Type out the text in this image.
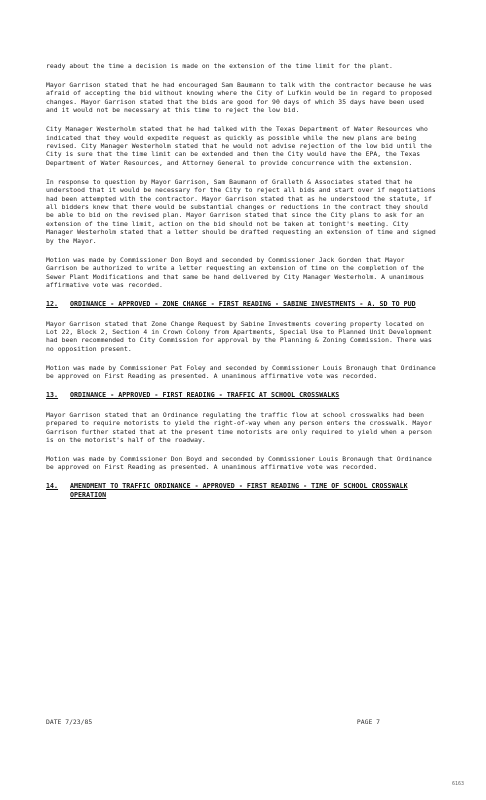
ready about the time a decision is made on the extension of the time limit for the plant.

Mayor Garrison stated that he had encouraged Sam Baumann to talk with the contractor because he was afraid of accepting the bid without knowing where the City of Lufkin would be in regard to proposed changes. Mayor Garrison stated that the bids are good for 90 days of which 35 days have been used and it would not be necessary at this time to reject the low bid.

City Manager Westerholm stated that he had talked with the Texas Department of Water Resources who indicated that they would expedite request as quickly as possible while the new plans are being revised. City Manager Westerholm stated that he would not advise rejection of the low bid until the City is sure that the time limit can be extended and then the City would have the EPA, the Texas Department of Water Resources, and Attorney General to provide concurrence with the extension.

In response to question by Mayor Garrison, Sam Baumann of Gralleth & Associates stated that he understood that it would be necessary for the City to reject all bids and start over if negotiations had been attempted with the contractor. Mayor Garrison stated that as he understood the statute, if all bidders knew that there would be substantial changes or reductions in the contract they should be able to bid on the revised plan. Mayor Garrison stated that since the City plans to ask for an extension of the time limit, action on the bid should not be taken at tonight's meeting. City Manager Westerholm stated that a letter should be drafted requesting an extension of time and signed by the Mayor.

Motion was made by Commissioner Don Boyd and seconded by Commissioner Jack Gorden that Mayor Garrison be authorized to write a letter requesting an extension of time on the completion of the Sewer Plant Modifications and that same be hand delivered by City Manager Westerholm. A unanimous affirmative vote was recorded.

12.	ORDINANCE - APPROVED - ZONE CHANGE - FIRST READING - SABINE INVESTMENTS - A. SD TO PUD

Mayor Garrison stated that Zone Change Request by Sabine Investments covering property located on Lot 22, Block 2, Section 4 in Crown Colony from Apartments, Special Use to Planned Unit Development had been recommended to City Commission for approval by the Planning & Zoning Commission. There was no opposition present.

Motion was made by Commissioner Pat Foley and seconded by Commissioner Louis Bronaugh that Ordinance be approved on First Reading as presented. A unanimous affirmative vote was recorded.

13.	ORDINANCE - APPROVED - FIRST READING - TRAFFIC AT SCHOOL CROSSWALKS

Mayor Garrison stated that an Ordinance regulating the traffic flow at school crosswalks had been prepared to require motorists to yield the right-of-way when any person enters the crosswalk. Mayor Garrison further stated that at the present time motorists are only required to yield when a person is on the motorist's half of the roadway.

Motion was made by Commissioner Don Boyd and seconded by Commissioner Louis Bronaugh that Ordinance be approved on First Reading as presented. A unanimous affirmative vote was recorded.

14.	AMENDMENT TO TRAFFIC ORDINANCE - APPROVED - FIRST READING - TIME OF SCHOOL CROSSWALK OPERATION
DATE 7/23/85	PAGE 7
6163
